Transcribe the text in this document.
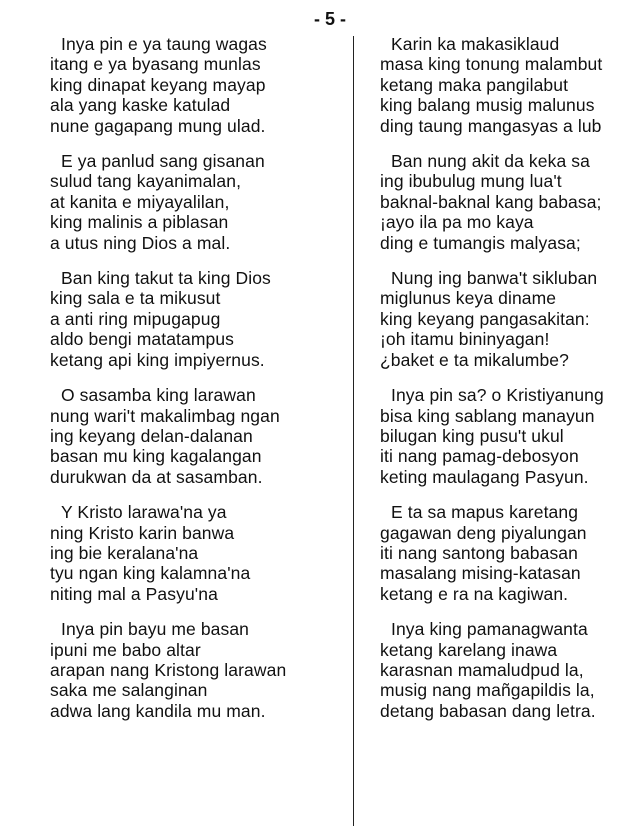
- 5 -
Inya pin e ya taung wagas
itang e ya byasang munlas
king dinapat keyang mayap
ala yang kaske katulad
nune gagapang mung ulad.
E ya panlud sang gisanan
sulud tang kayanimalan,
at kanita e miyayalilan,
king malinis a piblasan
a utus ning Dios a mal.
Ban king takut ta king Dios
king sala e ta mikusut
a anti ring mipugapug
aldo bengi matatampus
ketang api king impiyernus.
O sasamba king larawan
nung wari't makalimbag ngan
ing keyang delan-dalanan
basan mu king kagalangan
durukwan da at sasamban.
Y Kristo larawa'na ya
ning Kristo karin banwa
ing bie keralana'na
tyu ngan king kalamna'na
niting mal a Pasyu'na
Inya pin bayu me basan
ipuni me babo altar
arapan nang Kristong larawan
saka me salanginan
adwa lang kandila mu man.
Karin ka makasiklaud
masa king tonung malambut
ketang maka pangilabut
king balang musig malunus
ding taung mangasyas a lub
Ban nung akit da keka sa
ing ibubulug mung lua't
baknal-baknal kang babasa;
¡ayo ila pa mo kaya
ding e tumangis malyasa;
Nung ing banwa't sikluban
miglunus keya diname
king keyang pangasakitan:
¡oh itamu bininyagan!
¿baket e ta mikalumbe?
Inya pin sa? o Kristiyanung
bisa king sablang manayun
bilugan king pusu't ukul
iti nang pamag-debosyon
keting maulagang Pasyun.
E ta sa mapus karetang
gagawan deng piyalungan
iti nang santong babasan
masalang mising-katasan
ketang e ra na kagiwan.
Inya king pamanagwanta
ketang karelang inawa
karasnan mamaludpud la,
musig nang mañgapildis la,
detang babasan dang letra.
